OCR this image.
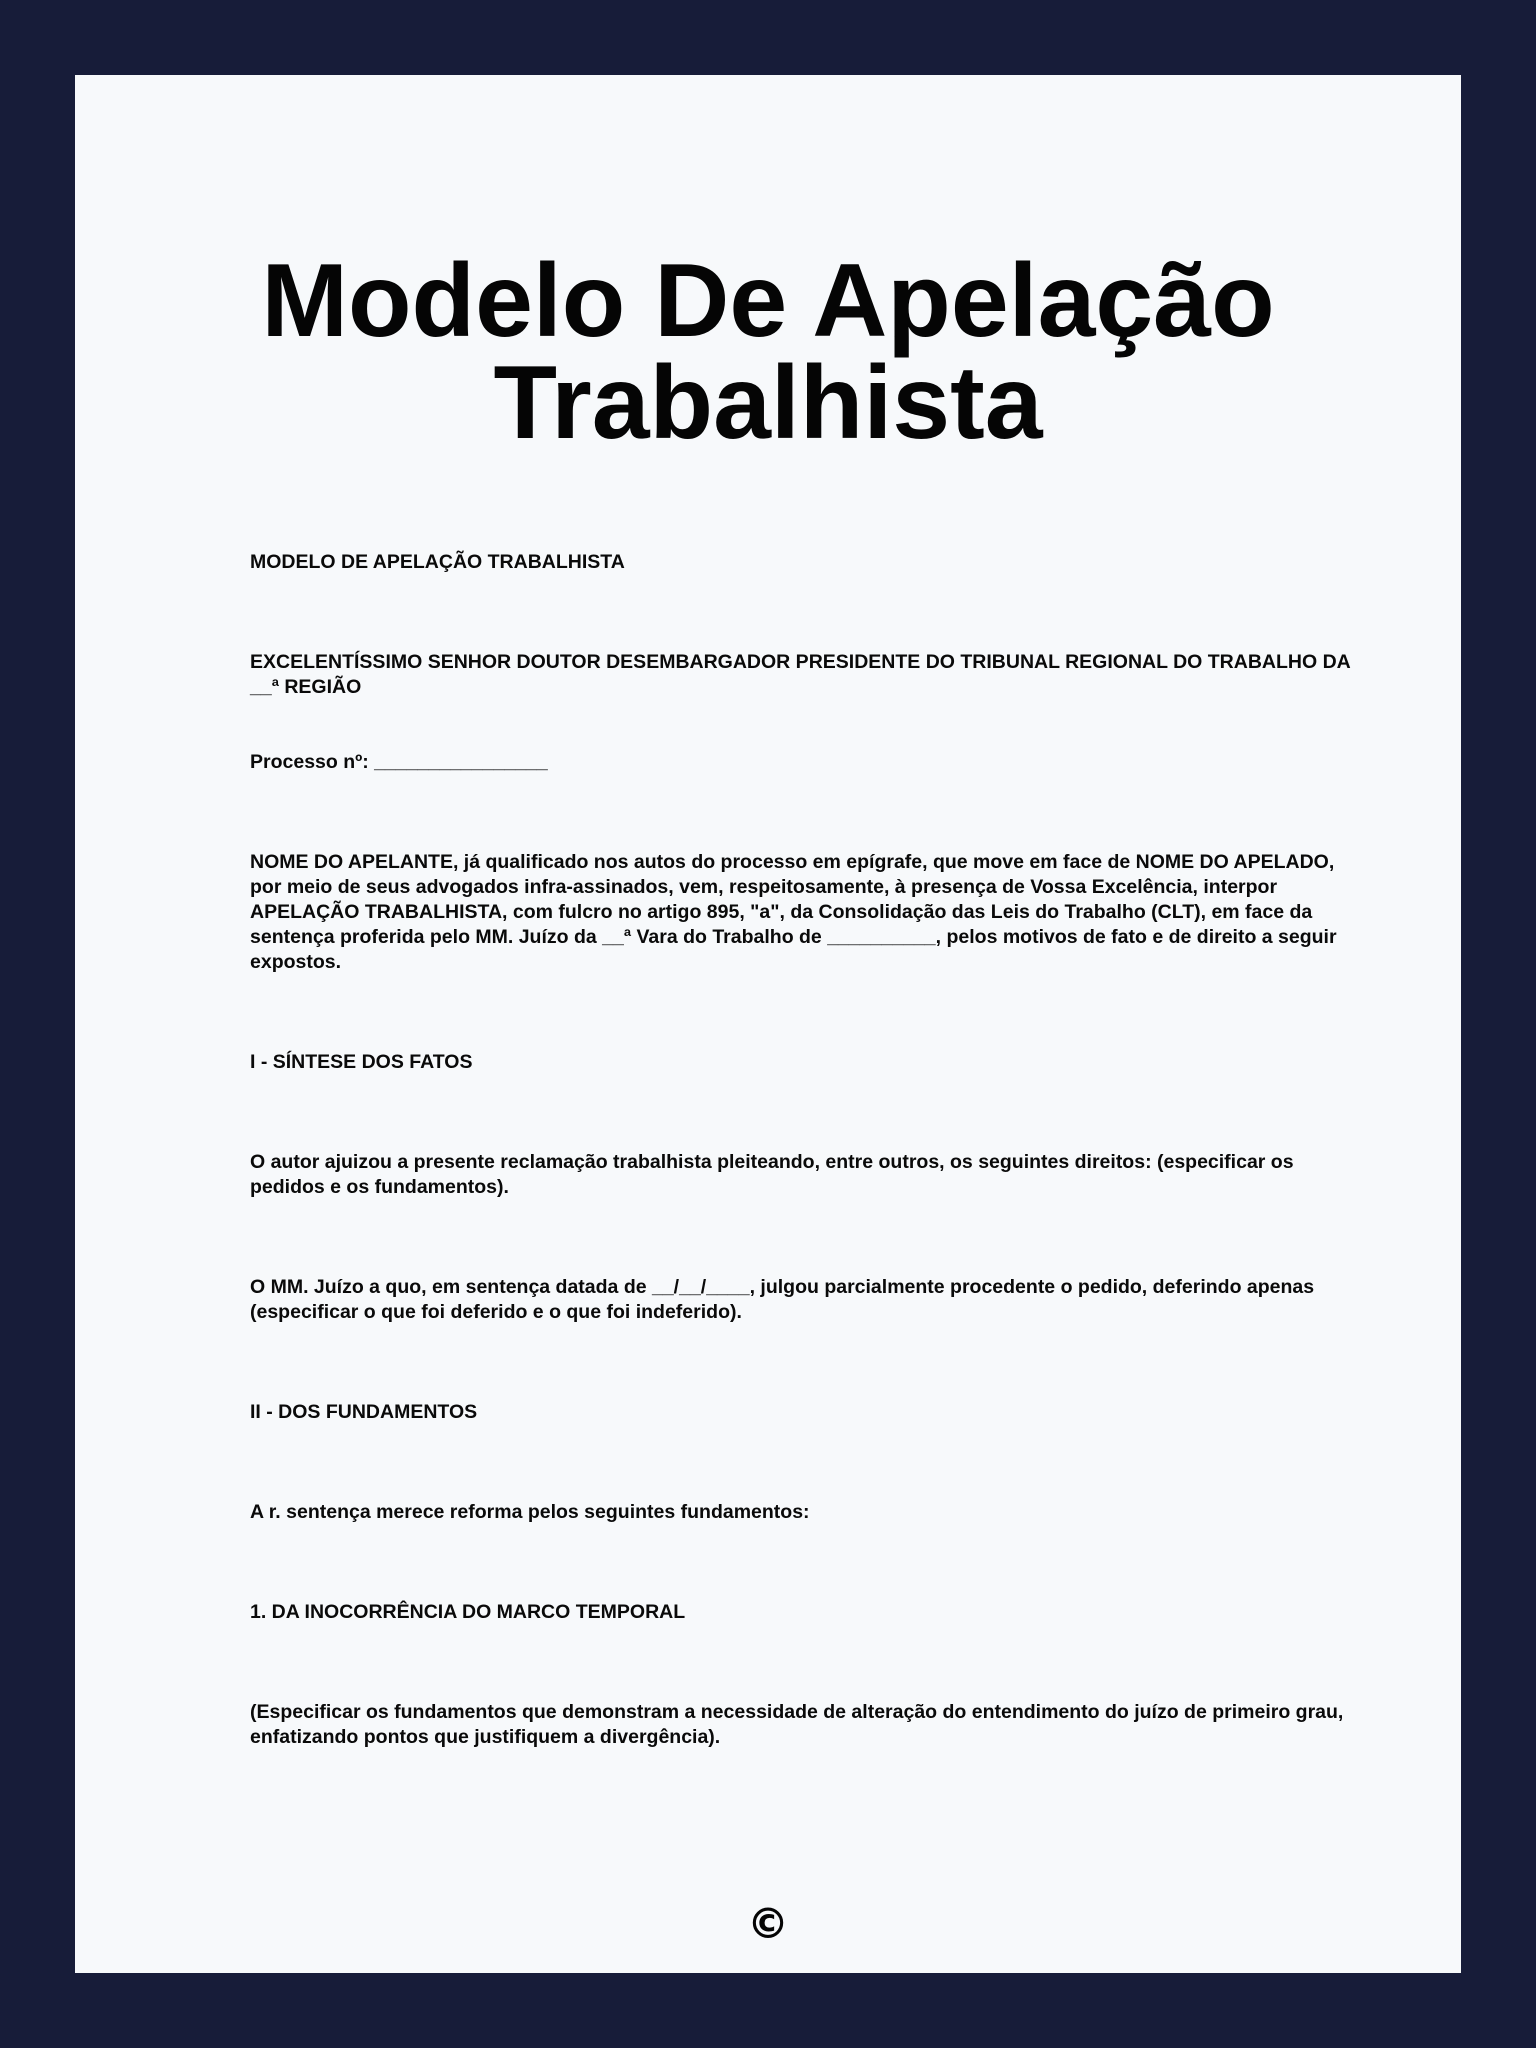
Modelo De Apelação
Trabalhista

MODELO DE APELAÇÃO TRABALHISTA

EXCELENTÍSSIMO SENHOR DOUTOR DESEMBARGADOR PRESIDENTE DO TRIBUNAL REGIONAL DO TRABALHO DA __ª REGIÃO

Processo nº: ________________

NOME DO APELANTE, já qualificado nos autos do processo em epígrafe, que move em face de NOME DO APELADO, por meio de seus advogados infra-assinados, vem, respeitosamente, à presença de Vossa Excelência, interpor APELAÇÃO TRABALHISTA, com fulcro no artigo 895, "a", da Consolidação das Leis do Trabalho (CLT), em face da sentença proferida pelo MM. Juízo da __ª Vara do Trabalho de __________, pelos motivos de fato e de direito a seguir expostos.

I - SÍNTESE DOS FATOS

O autor ajuizou a presente reclamação trabalhista pleiteando, entre outros, os seguintes direitos: (especificar os pedidos e os fundamentos).

O MM. Juízo a quo, em sentença datada de __/__/____, julgou parcialmente procedente o pedido, deferindo apenas (especificar o que foi deferido e o que foi indeferido).

II - DOS FUNDAMENTOS

A r. sentença merece reforma pelos seguintes fundamentos:

1. DA INOCORRÊNCIA DO MARCO TEMPORAL

(Especificar os fundamentos que demonstram a necessidade de alteração do entendimento do juízo de primeiro grau, enfatizando pontos que justifiquem a divergência).

©
